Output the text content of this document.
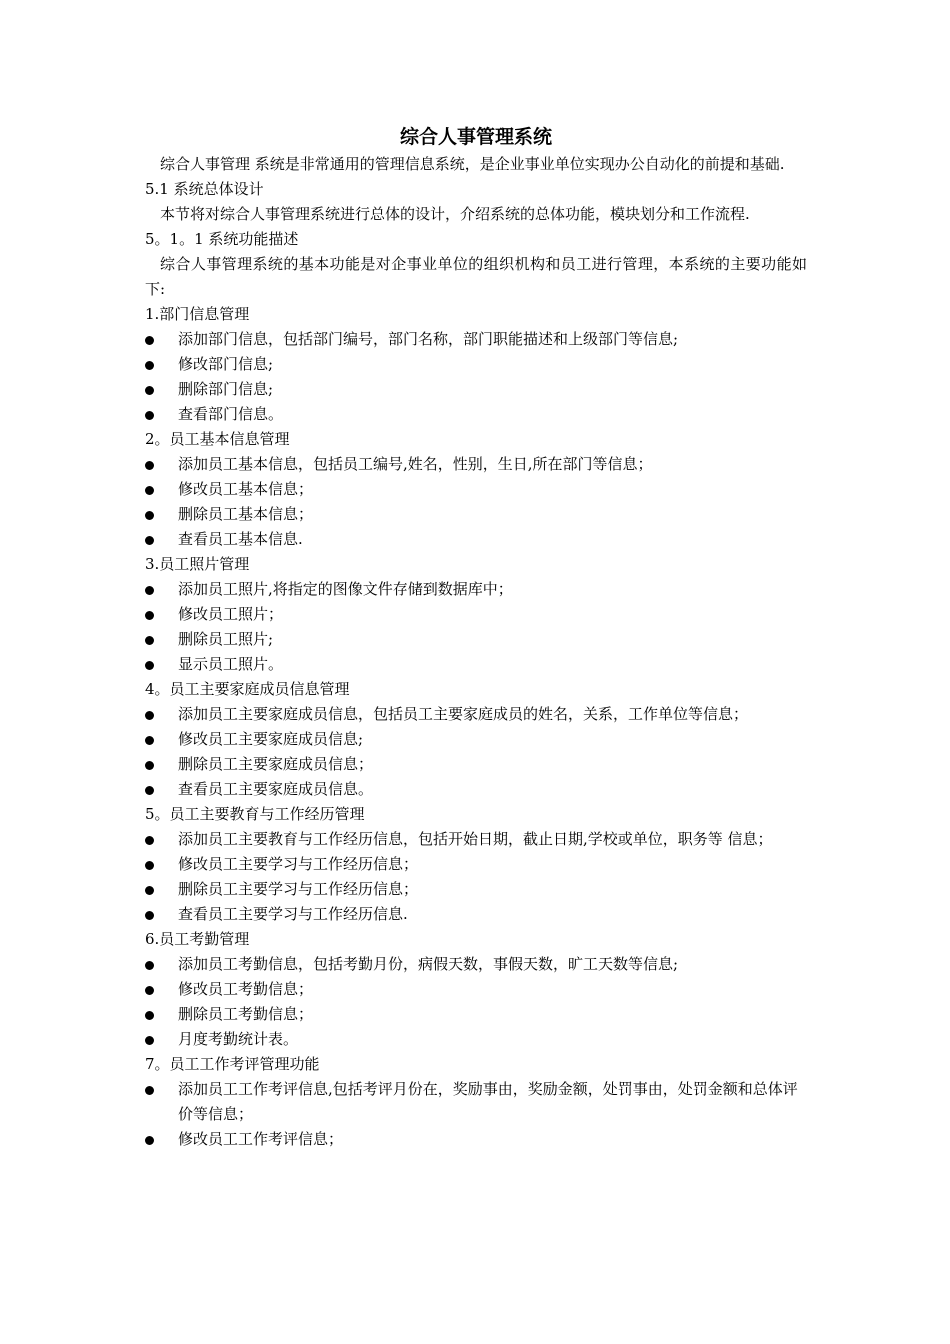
综合人事管理系统

综合人事管理 系统是非常通用的管理信息系统，是企业事业单位实现办公自动化的前提和基础.

5.1 系统总体设计

本节将对综合人事管理系统进行总体的设计，介绍系统的总体功能，模块划分和工作流程.

5。1。1 系统功能描述

综合人事管理系统的基本功能是对企事业单位的组织机构和员工进行管理，本系统的主要功能如下:

1.部门信息管理

添加部门信息，包括部门编号，部门名称，部门职能描述和上级部门等信息;
修改部门信息;
删除部门信息;
查看部门信息。

2。员工基本信息管理

添加员工基本信息，包括员工编号,姓名，性别，生日,所在部门等信息；
修改员工基本信息；
删除员工基本信息；
查看员工基本信息.

3.员工照片管理

添加员工照片,将指定的图像文件存储到数据库中；
修改员工照片；
删除员工照片;
显示员工照片。

4。员工主要家庭成员信息管理

添加员工主要家庭成员信息，包括员工主要家庭成员的姓名，关系，工作单位等信息；
修改员工主要家庭成员信息;
删除员工主要家庭成员信息；
查看员工主要家庭成员信息。

5。员工主要教育与工作经历管理

添加员工主要教育与工作经历信息，包括开始日期，截止日期,学校或单位，职务等 信息；
修改员工主要学习与工作经历信息；
删除员工主要学习与工作经历信息；
查看员工主要学习与工作经历信息.

6.员工考勤管理

添加员工考勤信息，包括考勤月份，病假天数，事假天数，旷工天数等信息;
修改员工考勤信息；
删除员工考勤信息；
月度考勤统计表。

7。员工工作考评管理功能

添加员工工作考评信息,包括考评月份在，奖励事由，奖励金额，处罚事由，处罚金额和总体评价等信息；
修改员工工作考评信息；
